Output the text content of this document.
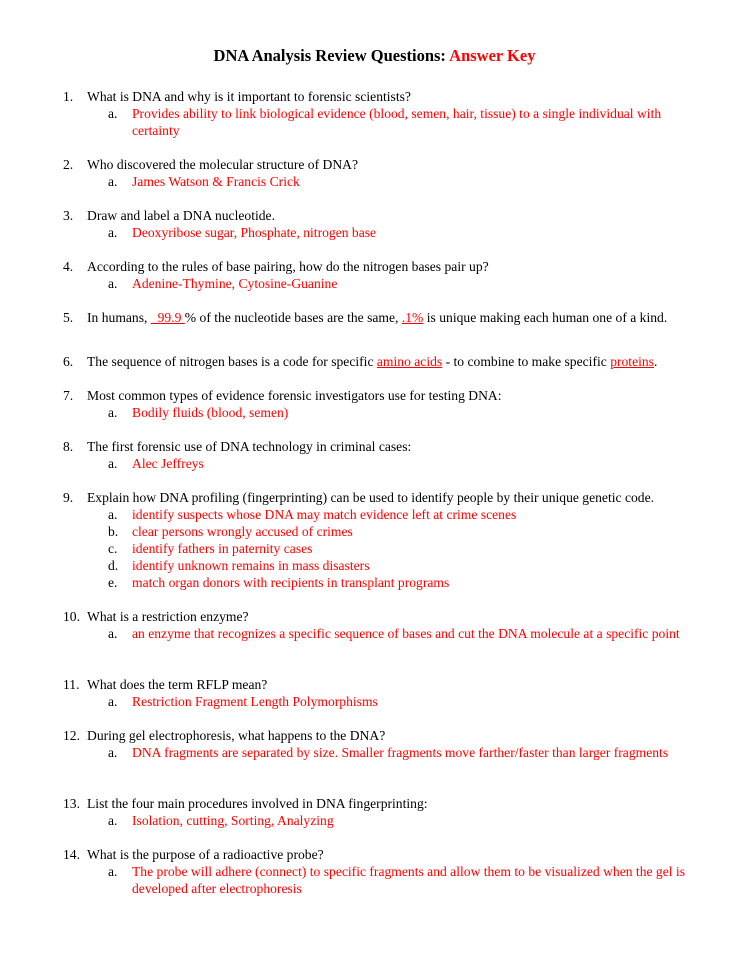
DNA Analysis Review Questions: Answer Key
1. What is DNA and why is it important to forensic scientists?
a. Provides ability to link biological evidence (blood, semen, hair, tissue) to a single individual with certainty
2. Who discovered the molecular structure of DNA?
a. James Watson & Francis Crick
3. Draw and label a DNA nucleotide.
a. Deoxyribose sugar, Phosphate, nitrogen base
4. According to the rules of base pairing, how do the nitrogen bases pair up?
a. Adenine-Thymine, Cytosine-Guanine
5. In humans, _99.9 % of the nucleotide bases are the same, .1% is unique making each human one of a kind.
6. The sequence of nitrogen bases is a code for specific amino acids - to combine to make specific proteins.
7. Most common types of evidence forensic investigators use for testing DNA:
a. Bodily fluids (blood, semen)
8. The first forensic use of DNA technology in criminal cases:
a. Alec Jeffreys
9. Explain how DNA profiling (fingerprinting) can be used to identify people by their unique genetic code.
a. identify suspects whose DNA may match evidence left at crime scenes
b. clear persons wrongly accused of crimes
c. identify fathers in paternity cases
d. identify unknown remains in mass disasters
e. match organ donors with recipients in transplant programs
10. What is a restriction enzyme?
a. an enzyme that recognizes a specific sequence of bases and cut the DNA molecule at a specific point
11. What does the term RFLP mean?
a. Restriction Fragment Length Polymorphisms
12. During gel electrophoresis, what happens to the DNA?
a. DNA fragments are separated by size. Smaller fragments move farther/faster than larger fragments
13. List the four main procedures involved in DNA fingerprinting:
a. Isolation, cutting, Sorting, Analyzing
14. What is the purpose of a radioactive probe?
a. The probe will adhere (connect) to specific fragments and allow them to be visualized when the gel is developed after electrophoresis
